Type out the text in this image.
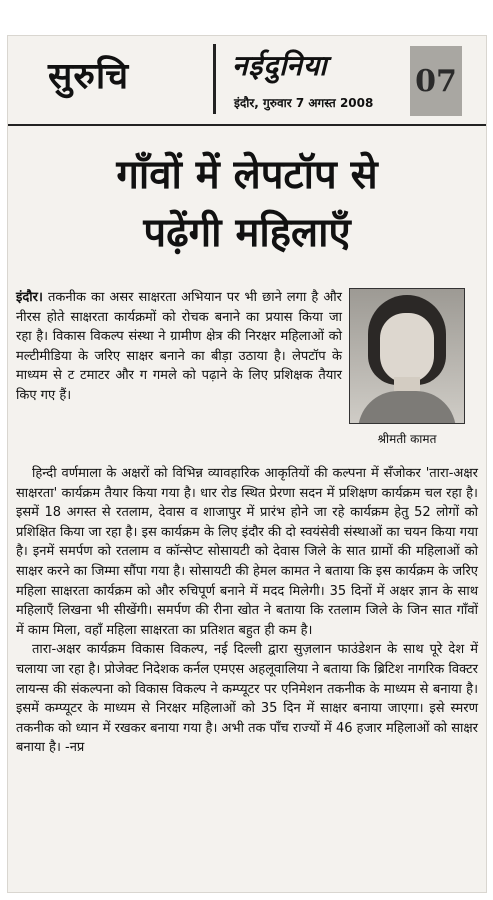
सुरुचि	नईदुनिया
इंदौर, गुरुवार 7 अगस्त 2008
07
गाँवों में लेपटॉप से
पढ़ेंगी महिलाएँ

इंदौर। तकनीक का असर साक्षरता अभियान पर भी छाने लगा है और नीरस होते साक्षरता कार्यक्रमों को रोचक बनाने का प्रयास किया जा रहा है। विकास विकल्प संस्था ने ग्रामीण क्षेत्र की निरक्षर महिलाओं को मल्टीमीडिया के जरिए साक्षर बनाने का बीड़ा उठाया है। लेपटॉप के माध्यम से ट टमाटर और ग गमले को पढ़ाने के लिए प्रशिक्षक तैयार किए गए हैं।

श्रीमती कामत

हिन्दी वर्णमाला के अक्षरों को विभिन्न व्यावहारिक आकृतियों की कल्पना में सँजोकर 'तारा-अक्षर साक्षरता' कार्यक्रम तैयार किया गया है। धार रोड स्थित प्रेरणा सदन में प्रशिक्षण कार्यक्रम चल रहा है। इसमें 18 अगस्त से रतलाम, देवास व शाजापुर में प्रारंभ होने जा रहे कार्यक्रम हेतु 52 लोगों को प्रशिक्षित किया जा रहा है। इस कार्यक्रम के लिए इंदौर की दो स्वयंसेवी संस्थाओं का चयन किया गया है। इनमें समर्पण को रतलाम व कॉन्सेप्ट सोसायटी को देवास जिले के सात ग्रामों की महिलाओं को साक्षर करने का जिम्मा सौंपा गया है। सोसायटी की हेमल कामत ने बताया कि इस कार्यक्रम के जरिए महिला साक्षरता कार्यक्रम को और रुचिपूर्ण बनाने में मदद मिलेगी। 35 दिनों में अक्षर ज्ञान के साथ महिलाएँ लिखना भी सीखेंगी। समर्पण की रीना खोत ने बताया कि रतलाम जिले के जिन सात गाँवों में काम मिला, वहाँ महिला साक्षरता का प्रतिशत बहुत ही कम है।

तारा-अक्षर कार्यक्रम विकास विकल्प, नई दिल्ली द्वारा सुज़लान फाउंडेशन के साथ पूरे देश में चलाया जा रहा है। प्रोजेक्ट निदेशक कर्नल एमएस अहलूवालिया ने बताया कि ब्रिटिश नागरिक विक्टर लायन्स की संकल्पना को विकास विकल्प ने कम्प्यूटर पर एनिमेशन तकनीक के माध्यम से बनाया है। इसमें कम्प्यूटर के माध्यम से निरक्षर महिलाओं को 35 दिन में साक्षर बनाया जाएगा। इसे स्मरण तकनीक को ध्यान में रखकर बनाया गया है। अभी तक पाँच राज्यों में 46 हजार महिलाओं को साक्षर बनाया है। -नप्र
